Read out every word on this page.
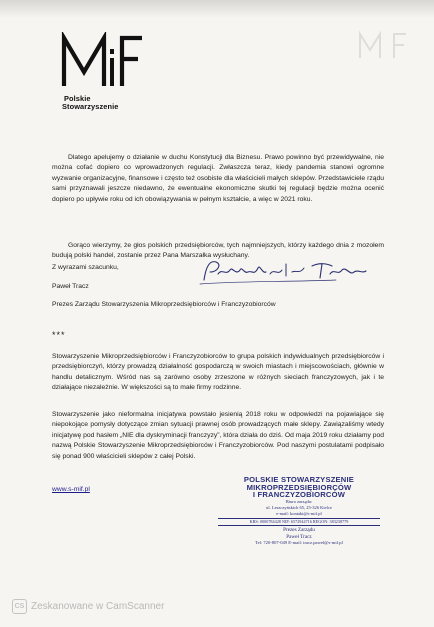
Polskie
Stowarzyszenie

Dlatego apelujemy o działanie w duchu Konstytucji dla Biznesu. Prawo powinno być przewidywalne, nie można cofać dopiero co wprowadzonych regulacji. Zwłaszcza teraz, kiedy pandemia stanowi ogromne wyzwanie organizacyjne, finansowe i często też osobiste dla właścicieli małych sklepów. Przedstawiciele rządu sami przyznawali jeszcze niedawno, że ewentualne ekonomiczne skutki tej regulacji będzie można ocenić dopiero po upływie roku od ich obowiązywania w pełnym kształcie, a więc w 2021 roku.

Gorąco wierzymy, że głos polskich przedsiębiorców, tych najmniejszych, którzy każdego dnia z mozołem budują polski handel, zostanie przez Pana Marszałka wysłuchany.

Z wyrazami szacunku,
Paweł Tracz
Prezes Zarządu Stowarzyszenia Mikroprzedsiębiorców i Franczyzobiorców
***

Stowarzyszenie Mikroprzedsiębiorców i Franczyzobiorców to grupa polskich indywidualnych przedsiębiorców i przedsiębiorczyń, którzy prowadzą działalność gospodarczą w swoich miastach i miejscowościach, głównie w handlu detalicznym. Wśród nas są zarówno osoby zrzeszone w różnych sieciach franczyzowych, jak i te działające niezależnie. W większości są to małe firmy rodzinne.

Stowarzyszenie jako nieformalna inicjatywa powstało jesienią 2018 roku w odpowiedzi na pojawiające się niepokojące pomysły dotyczące zmian sytuacji prawnej osób prowadzących małe sklepy. Zawiązaliśmy wtedy inicjatywę pod hasłem „NIE dla dyskryminacji franczyzy”, która działa do dziś. Od maja 2019 roku działamy pod nazwą Polskie Stowarzyszenie Mikroprzedsiębiorców i Franczyzobiorców. Pod naszymi postulatami podpisało się ponad 900 właścicieli sklepów z całej Polski.

www.s-mif.pl
POLSKIE STOWARZYSZENIE
MIKROPRZEDSIĘBIORCÓW
I FRANCZYZOBIORCÓW
Biuro zarządu:
ul. Leszczyńskich 65, 25-326 Kielce
e-mail: kontakt@s-mif.pl
KRS: 0000784428 NIP: 6572944716 REGON: 383238779
Prezes Zarządu
Paweł Tracz
Tel: 720-807-049 E-mail: tracz.pawel@s-mif.pl
CS Zeskanowane w CamScanner
